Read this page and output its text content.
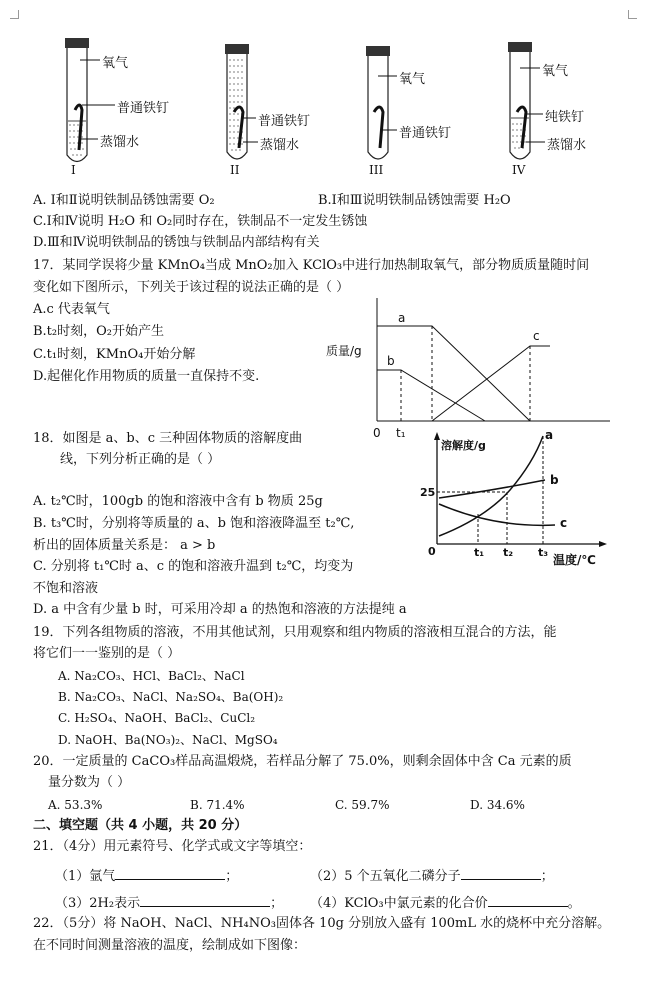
氧气
普通铁钉
蒸馏水
普通铁钉
蒸馏水
氧气
普通铁钉
氧气
纯铁钉
蒸馏水
I	II	III	IV
A. Ⅰ和Ⅱ说明铁制品锈蚀需要 O₂	B.Ⅰ和Ⅲ说明铁制品锈蚀需要 H₂O
C.Ⅰ和Ⅳ说明 H₂O 和 O₂同时存在，铁制品不一定发生锈蚀
D.Ⅲ和Ⅳ说明铁制品的锈蚀与铁制品内部结构有关
17．某同学误将少量 KMnO₄当成 MnO₂加入 KClO₃中进行加热制取氧气，部分物质质量随时间
变化如下图所示，下列关于该过程的说法正确的是（ ）
A.c 代表氧气
B.t₂时刻，O₂开始产生
C.t₁时刻，KMnO₄开始分解
D.起催化作用物质的质量一直保持不变.
质量/g
a
b
c
0 t₁
18．如图是 a、b、c 三种固体物质的溶解度曲
线，下列分析正确的是（ ）
A. t₂℃时，100gb 的饱和溶液中含有 b 物质 25g
B. t₃℃时，分别将等质量的 a、b 饱和溶液降温至 t₂℃,
析出的固体质量关系是： a > b
C. 分别将 t₁℃时 a、c 的饱和溶液升温到 t₂℃，均变为
不饱和溶液
D. a 中含有少量 b 时，可采用冷却 a 的热饱和溶液的方法提纯 a
溶解度/g
25
0	t₁ t₂ t₃
温度/℃
a
b
c
19．下列各组物质的溶液，不用其他试剂，只用观察和组内物质的溶液相互混合的方法，能
将它们一一鉴别的是（ ）
A. Na₂CO₃、HCl、BaCl₂、NaCl
B. Na₂CO₃、NaCl、Na₂SO₄、Ba(OH)₂
C. H₂SO₄、NaOH、BaCl₂、CuCl₂
D. NaOH、Ba(NO₃)₂、NaCl、MgSO₄
20．一定质量的 CaCO₃样品高温煅烧，若样品分解了 75.0%，则剩余固体中含 Ca 元素的质
量分数为（ ）
A. 53.3%	B. 71.4%	C. 59.7%	D. 34.6%
二、填空题（共 4 小题，共 20 分）
21．（4分）用元素符号、化学式或文字等填空：
（1）氩气	；	（2）5 个五氧化二磷分子	；
（3）2H₂表示	； （4）KClO₃中氯元素的化合价	。
22．（5分）将 NaOH、NaCl、NH₄NO₃固体各 10g 分别放入盛有 100mL 水的烧杯中充分溶解。
在不同时间测量溶液的温度，绘制成如下图像：
